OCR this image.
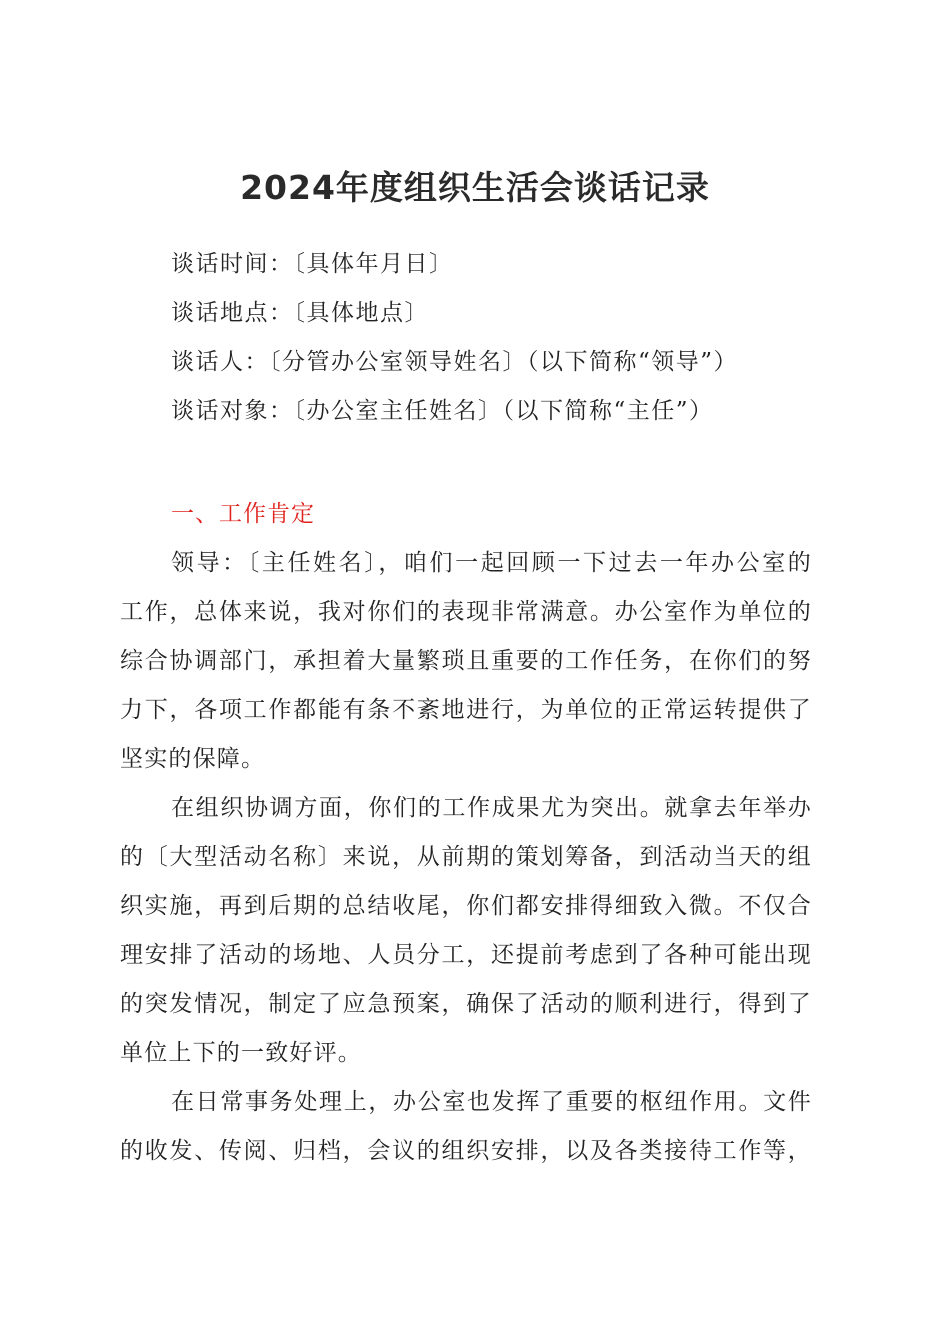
2024年度组织生活会谈话记录
谈话时间：〔具体年月日〕
谈话地点：〔具体地点〕
谈话人：〔分管办公室领导姓名〕（以下简称“领导”）
谈话对象：〔办公室主任姓名〕（以下简称“主任”）
一、工作肯定
领导：〔主任姓名〕，咱们一起回顾一下过去一年办公室的
工作，总体来说，我对你们的表现非常满意。办公室作为单位的
综合协调部门，承担着大量繁琐且重要的工作任务，在你们的努
力下，各项工作都能有条不紊地进行，为单位的正常运转提供了
坚实的保障。
在组织协调方面，你们的工作成果尤为突出。就拿去年举办
的〔大型活动名称〕来说，从前期的策划筹备，到活动当天的组
织实施，再到后期的总结收尾，你们都安排得细致入微。不仅合
理安排了活动的场地、人员分工，还提前考虑到了各种可能出现
的突发情况，制定了应急预案，确保了活动的顺利进行，得到了
单位上下的一致好评。
在日常事务处理上，办公室也发挥了重要的枢纽作用。文件
的收发、传阅、归档，会议的组织安排，以及各类接待工作等，
